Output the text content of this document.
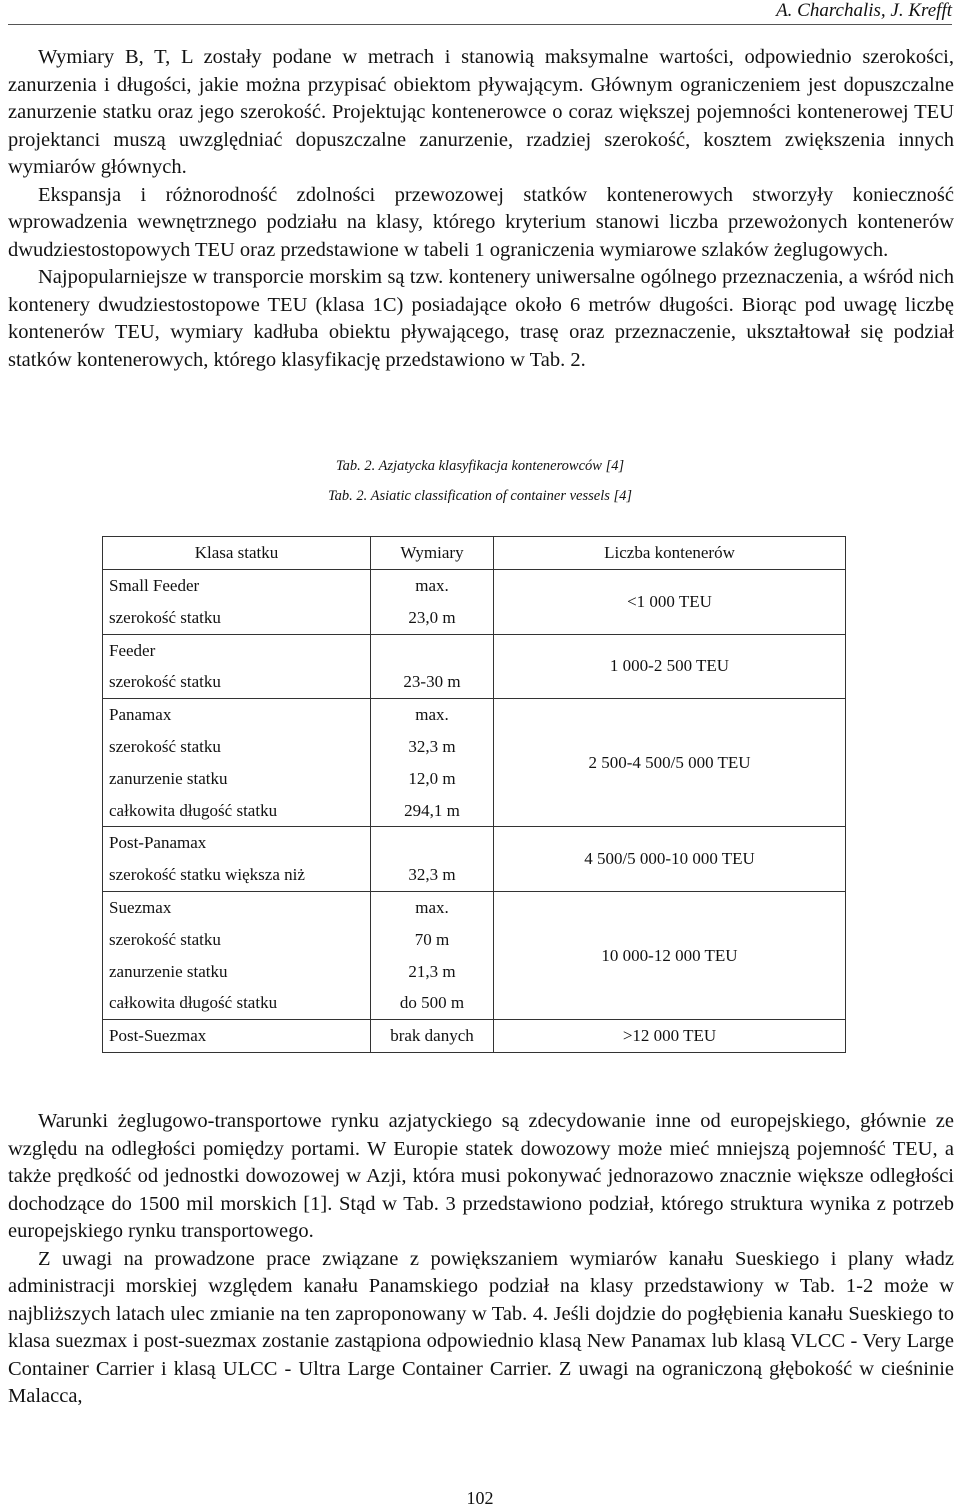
A. Charchalis, J. Krefft

Wymiary B, T, L zostały podane w metrach i stanowią maksymalne wartości, odpowiednio szerokości, zanurzenia i długości, jakie można przypisać obiektom pływającym. Głównym ograniczeniem jest dopuszczalne zanurzenie statku oraz jego szerokość. Projektując kontenerowce o coraz większej pojemności kontenerowej TEU projektanci muszą uwzględniać dopuszczalne zanurzenie, rzadziej szerokość, kosztem zwiększenia innych wymiarów głównych.

Ekspansja i różnorodność zdolności przewozowej statków kontenerowych stworzyły konieczność wprowadzenia wewnętrznego podziału na klasy, którego kryterium stanowi liczba przewożonych kontenerów dwudziestostopowych TEU oraz przedstawione w tabeli 1 ograniczenia wymiarowe szlaków żeglugowych.

Najpopularniejsze w transporcie morskim są tzw. kontenery uniwersalne ogólnego przeznaczenia, a wśród nich kontenery dwudziestostopowe TEU (klasa 1C) posiadające około 6 metrów długości. Biorąc pod uwagę liczbę kontenerów TEU, wymiary kadłuba obiektu pływającego, trasę oraz przeznaczenie, ukształtował się podział statków kontenerowych, którego klasyfikację przedstawiono w Tab. 2.

Tab. 2. Azjatycka klasyfikacja kontenerowców [4]
Tab. 2. Asiatic classification of container vessels [4]
Klasa statku	Wymiary	Liczba kontenerów
Small Feeder	max.	<1 000 TEU
szerokość statku	23,0 m	
Feeder		1 000-2 500 TEU
szerokość statku	23-30 m	
Panamax	max.	2 500-4 500/5 000 TEU
szerokość statku	32,3 m	
zanurzenie statku	12,0 m	
całkowita długość statku	294,1 m	
Post-Panamax		4 500/5 000-10 000 TEU
szerokość statku większa niż	32,3 m	
Suezmax	max.	10 000-12 000 TEU
szerokość statku	70 m	
zanurzenie statku	21,3 m	
całkowita długość statku	do 500 m	
Post-Suezmax	brak danych	>12 000 TEU

Warunki żeglugowo-transportowe rynku azjatyckiego są zdecydowanie inne od europejskiego, głównie ze względu na odległości pomiędzy portami. W Europie statek dowozowy może mieć mniejszą pojemność TEU, a także prędkość od jednostki dowozowej w Azji, która musi pokonywać jednorazowo znacznie większe odległości dochodzące do 1500 mil morskich [1]. Stąd w Tab. 3 przedstawiono podział, którego struktura wynika z potrzeb europejskiego rynku transportowego.

Z uwagi na prowadzone prace związane z powiększaniem wymiarów kanału Sueskiego i plany władz administracji morskiej względem kanału Panamskiego podział na klasy przedstawiony w Tab. 1-2 może w najbliższych latach ulec zmianie na ten zaproponowany w Tab. 4. Jeśli dojdzie do pogłębienia kanału Sueskiego to klasa suezmax i post-suezmax zostanie zastąpiona odpowiednio klasą New Panamax lub klasą VLCC - Very Large Container Carrier i klasą ULCC - Ultra Large Container Carrier. Z uwagi na ograniczoną głębokość w cieśninie Malacca,

102
